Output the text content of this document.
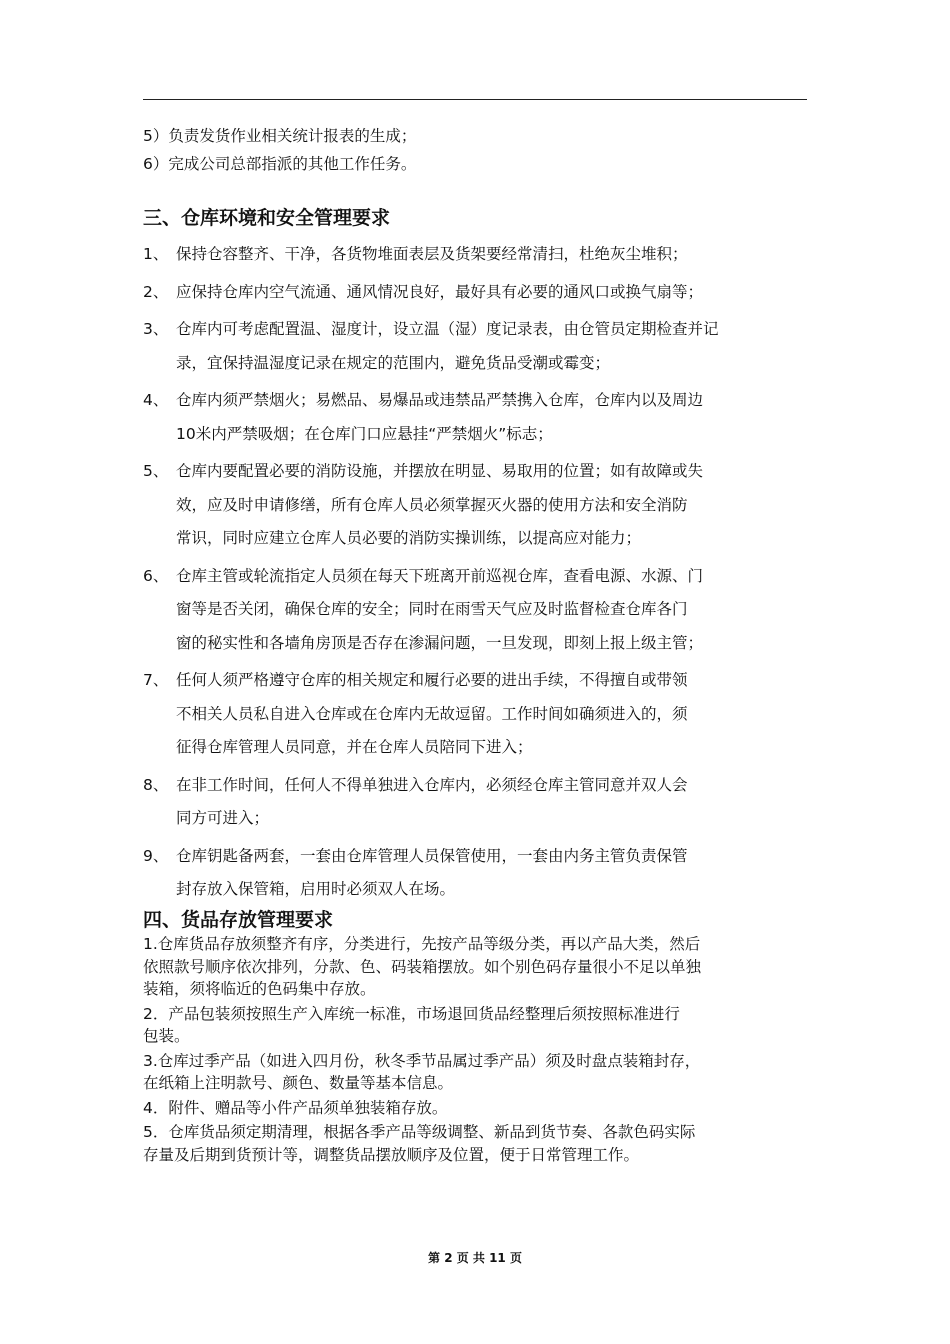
5）负责发货作业相关统计报表的生成；
6）完成公司总部指派的其他工作任务。
三、仓库环境和安全管理要求
1、 保持仓容整齐、干净，各货物堆面表层及货架要经常清扫，杜绝灰尘堆积；
2、 应保持仓库内空气流通、通风情况良好，最好具有必要的通风口或换气扇等；
3、 仓库内可考虑配置温、湿度计，设立温（湿）度记录表，由仓管员定期检查并记
录，宜保持温湿度记录在规定的范围内，避免货品受潮或霉变；
4、 仓库内须严禁烟火；易燃品、易爆品或违禁品严禁携入仓库，仓库内以及周边
10米内严禁吸烟；在仓库门口应悬挂“严禁烟火”标志；
5、 仓库内要配置必要的消防设施，并摆放在明显、易取用的位置；如有故障或失
效，应及时申请修缮，所有仓库人员必须掌握灭火器的使用方法和安全消防
常识，同时应建立仓库人员必要的消防实操训练，以提高应对能力；
6、 仓库主管或轮流指定人员须在每天下班离开前巡视仓库，查看电源、水源、门
窗等是否关闭，确保仓库的安全；同时在雨雪天气应及时监督检查仓库各门
窗的秘实性和各墙角房顶是否存在渗漏问题，一旦发现，即刻上报上级主管；
7、 任何人须严格遵守仓库的相关规定和履行必要的进出手续，不得擅自或带领
不相关人员私自进入仓库或在仓库内无故逗留。工作时间如确须进入的，须
征得仓库管理人员同意，并在仓库人员陪同下进入；
8、 在非工作时间，任何人不得单独进入仓库内，必须经仓库主管同意并双人会
同方可进入；
9、 仓库钥匙备两套，一套由仓库管理人员保管使用，一套由内务主管负责保管
封存放入保管箱，启用时必须双人在场。
四、货品存放管理要求
1.仓库货品存放须整齐有序，分类进行，先按产品等级分类，再以产品大类，然后
依照款号顺序依次排列，分款、色、码装箱摆放。如个别色码存量很小不足以单独
装箱，须将临近的色码集中存放。
2．产品包装须按照生产入库统一标准，市场退回货品经整理后须按照标准进行
包装。
3.仓库过季产品（如进入四月份，秋冬季节品属过季产品）须及时盘点装箱封存，
在纸箱上注明款号、颜色、数量等基本信息。
4．附件、赠品等小件产品须单独装箱存放。
5．仓库货品须定期清理，根据各季产品等级调整、新品到货节奏、各款色码实际
存量及后期到货预计等，调整货品摆放顺序及位置，便于日常管理工作。
第 2 页 共 11 页
